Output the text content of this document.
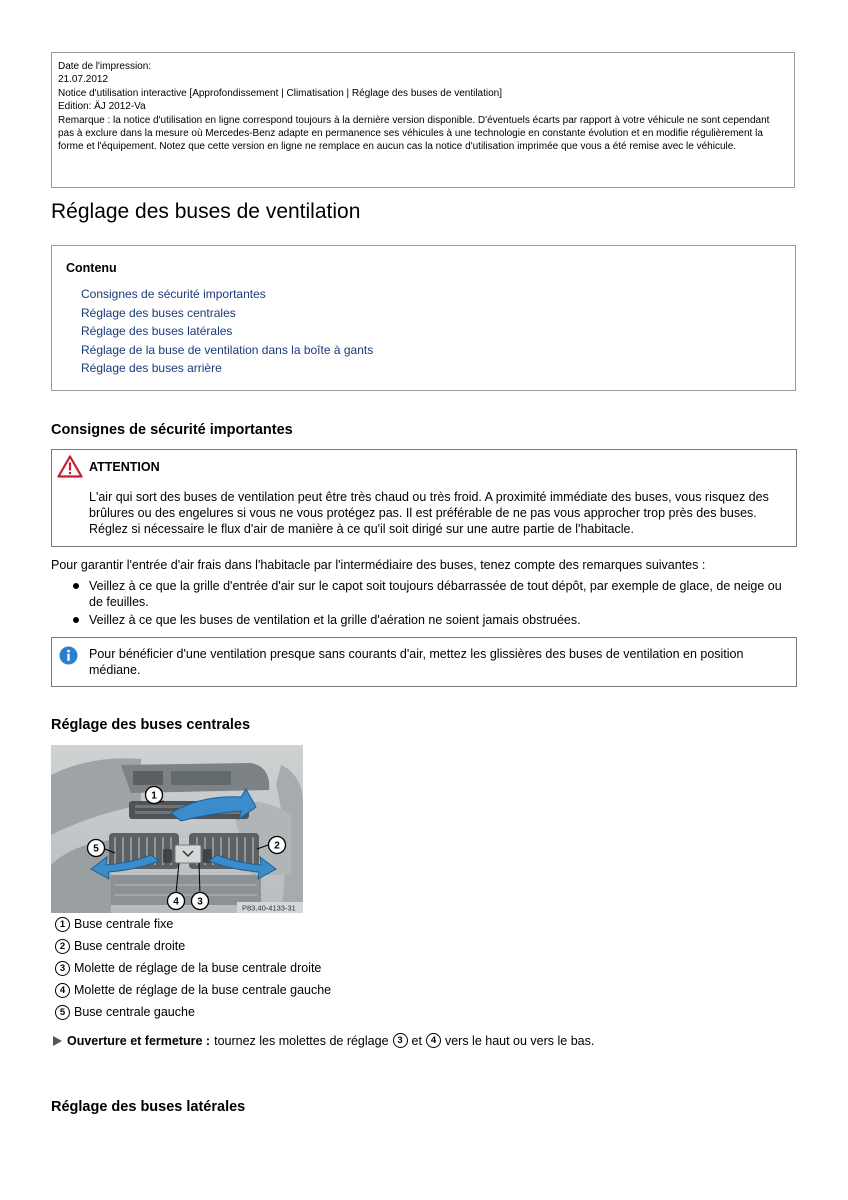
Date de l'impression:
21.07.2012
Notice d'utilisation interactive [Approfondissement | Climatisation | Réglage des buses de ventilation]
Edition: ÄJ 2012-Va
Remarque : la notice d'utilisation en ligne correspond toujours à la dernière version disponible. D'éventuels écarts par rapport à votre véhicule ne sont cependant pas à exclure dans la mesure où Mercedes-Benz adapte en permanence ses véhicules à une technologie en constante évolution et en modifie régulièrement la forme et l'équipement. Notez que cette version en ligne ne remplace en aucun cas la notice d'utilisation imprimée que vous a été remise avec le véhicule.
Réglage des buses de ventilation
Contenu
Consignes de sécurité importantes
Réglage des buses centrales
Réglage des buses latérales
Réglage de la buse de ventilation dans la boîte à gants
Réglage des buses arrière
Consignes de sécurité importantes
ATTENTION
L'air qui sort des buses de ventilation peut être très chaud ou très froid. A proximité immédiate des buses, vous risquez des brûlures ou des engelures si vous ne vous protégez pas. Il est préférable de ne pas vous approcher trop près des buses. Réglez si nécessaire le flux d'air de manière à ce qu'il soit dirigé sur une autre partie de l'habitacle.
Pour garantir l'entrée d'air frais dans l'habitacle par l'intermédiaire des buses, tenez compte des remarques suivantes :
Veillez à ce que la grille d'entrée d'air sur le capot soit toujours débarrassée de tout dépôt, par exemple de glace, de neige ou de feuilles.
Veillez à ce que les buses de ventilation et la grille d'aération ne soient jamais obstruées.
Pour bénéficier d'une ventilation presque sans courants d'air, mettez les glissières des buses de ventilation en position médiane.
Réglage des buses centrales
1
2
3
4
5
P83.40-4133-31
1 Buse centrale fixe
2 Buse centrale droite
3 Molette de réglage de la buse centrale droite
4 Molette de réglage de la buse centrale gauche
5 Buse centrale gauche
Ouverture et fermeture : tournez les molettes de réglage 3 et 4 vers le haut ou vers le bas.
Réglage des buses latérales
